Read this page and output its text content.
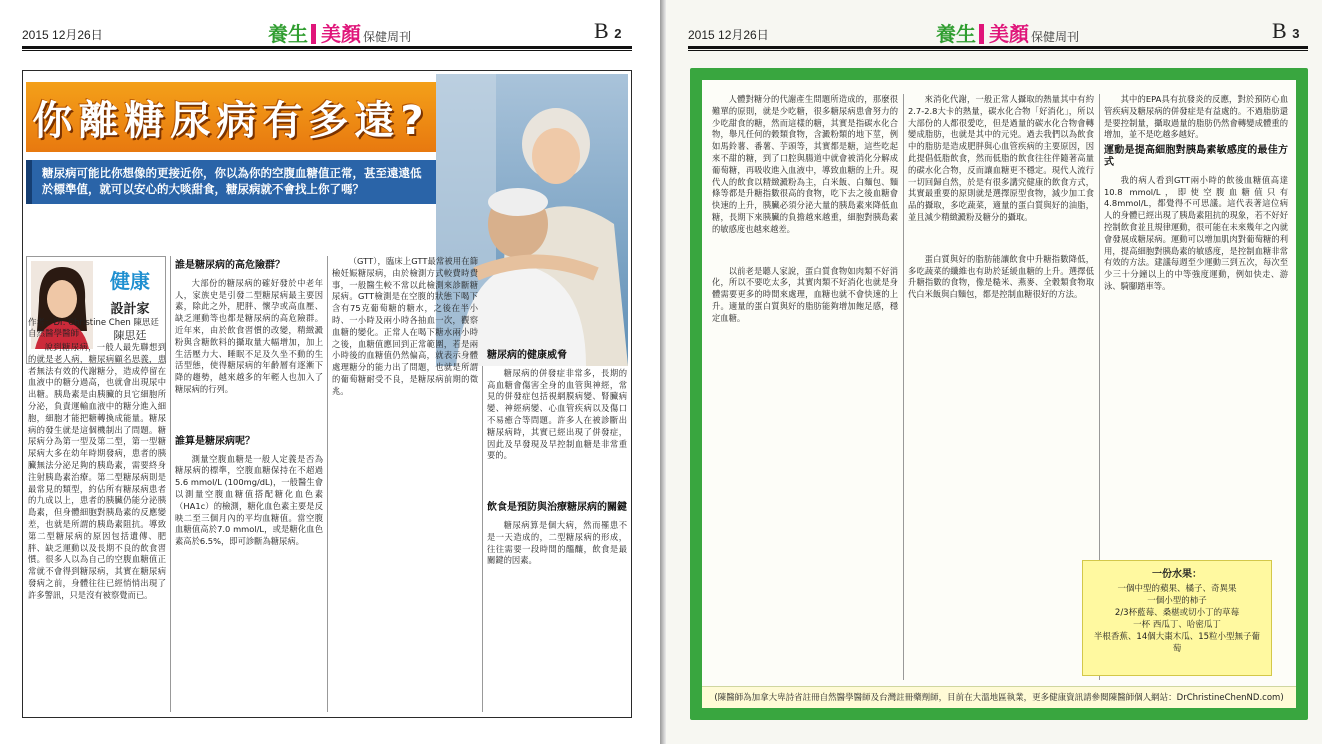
2015 12月26日	養生 美顏 保健周刊	B 2
你離糖尿病有多遠?
糖尿病可能比你想像的更接近你，你以為你的空腹血糖值正常，甚至遠遠低於標準值，就可以安心的大啖甜食，糖尿病就不會找上你了嗎？
健康
設計家
陳思廷
作者：Dr. Christine Chen 陳思廷 自然醫學醫師

說到糖尿病，一般人最先聯想到的就是老人病，糖尿病顧名思義，患者無法有效的代謝糖分，造成停留在血液中的糖分過高，也就會出現尿中出糖。胰島素是由胰臟的貝它細胞所分泌，負責運輸血液中的糖分進入細胞，細胞才能把糖轉換成能量。糖尿病的發生就是這個機制出了問題。糖尿病分為第一型及第二型，第一型糖尿病大多在幼年時期發病，患者的胰臟無法分泌足夠的胰島素，需要終身注射胰島素治療。第二型糖尿病則是最常見的類型，約佔所有糖尿病患者的九成以上，患者的胰臟仍能分泌胰島素，但身體細胞對胰島素的反應變差，也就是所謂的胰島素阻抗。導致第二型糖尿病的原因包括遺傳、肥胖、缺乏運動以及長期不良的飲食習慣。很多人以為自己的空腹血糖值正常就不會得到糖尿病，其實在糖尿病發病之前，身體往往已經悄悄出現了許多警訊，只是沒有被察覺而已。

誰是糖尿病的高危險群？

大部份的糖尿病的確好發於中老年人，家族史是引發二型糖尿病最主要因素，除此之外，肥胖、懷孕或高血壓、缺乏運動等也都是糖尿病的高危險群。近年來，由於飲食習慣的改變，精緻澱粉與含糖飲料的攝取量大幅增加，加上生活壓力大、睡眠不足及久坐不動的生活型態，使得糖尿病的年齡層有逐漸下降的趨勢，越來越多的年輕人也加入了糖尿病的行列。

誰算是糖尿病呢？

測量空腹血糖是一般人定義是否為糖尿病的標準，空腹血糖保持在不超過5.6 mmol/L (100mg/dL)，一般醫生會以測量空腹血糖值搭配糖化血色素（HA1c）的檢測，糖化血色素主要是反映二至三個月內的平均血糖值。當空腹血糖值高於7.0 mmol/L，或是糖化血色素高於6.5%，即可診斷為糖尿病。

（GTT），臨床上GTT最常被用在篩檢妊娠糖尿病，由於檢測方式較費時費事，一般醫生較不常以此檢測來診斷糖尿病。GTT檢測是在空腹的狀態下喝下含有75克葡萄糖的糖水，之後在半小時、一小時及兩小時各抽血一次，觀察血糖的變化。正常人在喝下糖水兩小時之後，血糖值應回到正常範圍，若是兩小時後的血糖值仍然偏高，就表示身體處理糖分的能力出了問題，也就是所謂的葡萄糖耐受不良，是糖尿病前期的徵兆。

糖尿病的健康威脅

糖尿病的併發症非常多，長期的高血糖會傷害全身的血管與神經，常見的併發症包括視網膜病變、腎臟病變、神經病變、心血管疾病以及傷口不易癒合等問題。許多人在被診斷出糖尿病時，其實已經出現了併發症，因此及早發現及早控制血糖是非常重要的。

飲食是預防與治療糖尿病的關鍵

糖尿病算是個大病，然而罹患不是一天造成的，二型糖尿病的形成，往往需要一段時間的醞釀，飲食是最關鍵的因素。

2015 12月26日	養生 美顏 保健周刊	B 3

人體對糖分的代謝產生問題所造成的，那麼很難單的原則，就是少吃糖，很多糖尿病患會努力的少吃甜食的糖，然而這樣的糖，其實是指碳水化合物，舉凡任何的穀類食物，含澱粉類的地下莖，例如馬鈴薯、番薯、芋頭等，其實都是糖，這些吃起來不甜的糖，到了口腔與腸道中就會被消化分解成葡萄糖，再吸收進入血液中，導致血糖的上升。現代人的飲食以精緻澱粉為主，白米飯、白麵包、麵條等都是升糖指數很高的食物，吃下去之後血糖會快速的上升，胰臟必須分泌大量的胰島素來降低血糖，長期下來胰臟的負擔越來越重，細胞對胰島素的敏感度也越來越差。

以前老是聽人家說，蛋白質食物如肉類不好消化，所以不要吃太多，其實肉類不好消化也就是身體需要更多的時間來處理，血糖也就不會快速的上升。適量的蛋白質與好的脂肪能夠增加飽足感，穩定血糖。

來消化代謝，一般正常人攝取的熱量其中有約2.7-2.8大卡的熱量，碳水化合物「好消化」，所以大部份的人都很愛吃，但是過量的碳水化合物會轉變成脂肪，也就是其中的元兇。過去我們以為飲食中的脂肪是造成肥胖與心血管疾病的主要原因，因此提倡低脂飲食，然而低脂的飲食往往伴隨著高量的碳水化合物，反而讓血糖更不穩定。現代人流行一切回歸自然，於是有很多講究健康的飲食方式，其實最重要的原則就是選擇原型食物，減少加工食品的攝取，多吃蔬菜，適量的蛋白質與好的油脂，並且減少精緻澱粉及糖分的攝取。

蛋白質與好的脂肪能讓飲食中升糖指數降低，多吃蔬菜的纖維也有助於延緩血糖的上升。選擇低升糖指數的食物，像是糙米、燕麥、全穀類食物取代白米飯與白麵包，都是控制血糖很好的方法。

其中的EPA具有抗發炎的反應，對於預防心血管疾病及糖尿病的併發症是有益處的。不過脂肪還是要控制量，攝取過量的脂肪仍然會轉變成體重的增加，並不是吃越多越好。

運動是提高細胞對胰島素敏感度的最佳方式

我的病人看到GTT兩小時的飲後血糖值高達10.8 mmol/L，即使空腹血糖值只有4.8mmol/L，都覺得不可思議。這代表著這位病人的身體已經出現了胰島素阻抗的現象，若不好好控制飲食並且規律運動，很可能在未來幾年之內就會發展成糖尿病。運動可以增加肌肉對葡萄糖的利用，提高細胞對胰島素的敏感度，是控制血糖非常有效的方法。建議每週至少運動三到五次，每次至少三十分鐘以上的中等強度運動，例如快走、游泳、騎腳踏車等。

一份水果：
一個中型的蘋果、橘子、奇異果
一個小型的柿子
2/3杯藍莓、桑椹或切小丁的草莓
一杯 西瓜丁、哈密瓜丁
半根香蕉、14個大棗木瓜、15粒小型無子葡萄
(陳醫師為加拿大卑詩省註冊自然醫學醫師及台灣註冊藥劑師，目前在大溫地區執業，更多健康資訊請參閱陳醫師個人網站：DrChristineChenND.com)
